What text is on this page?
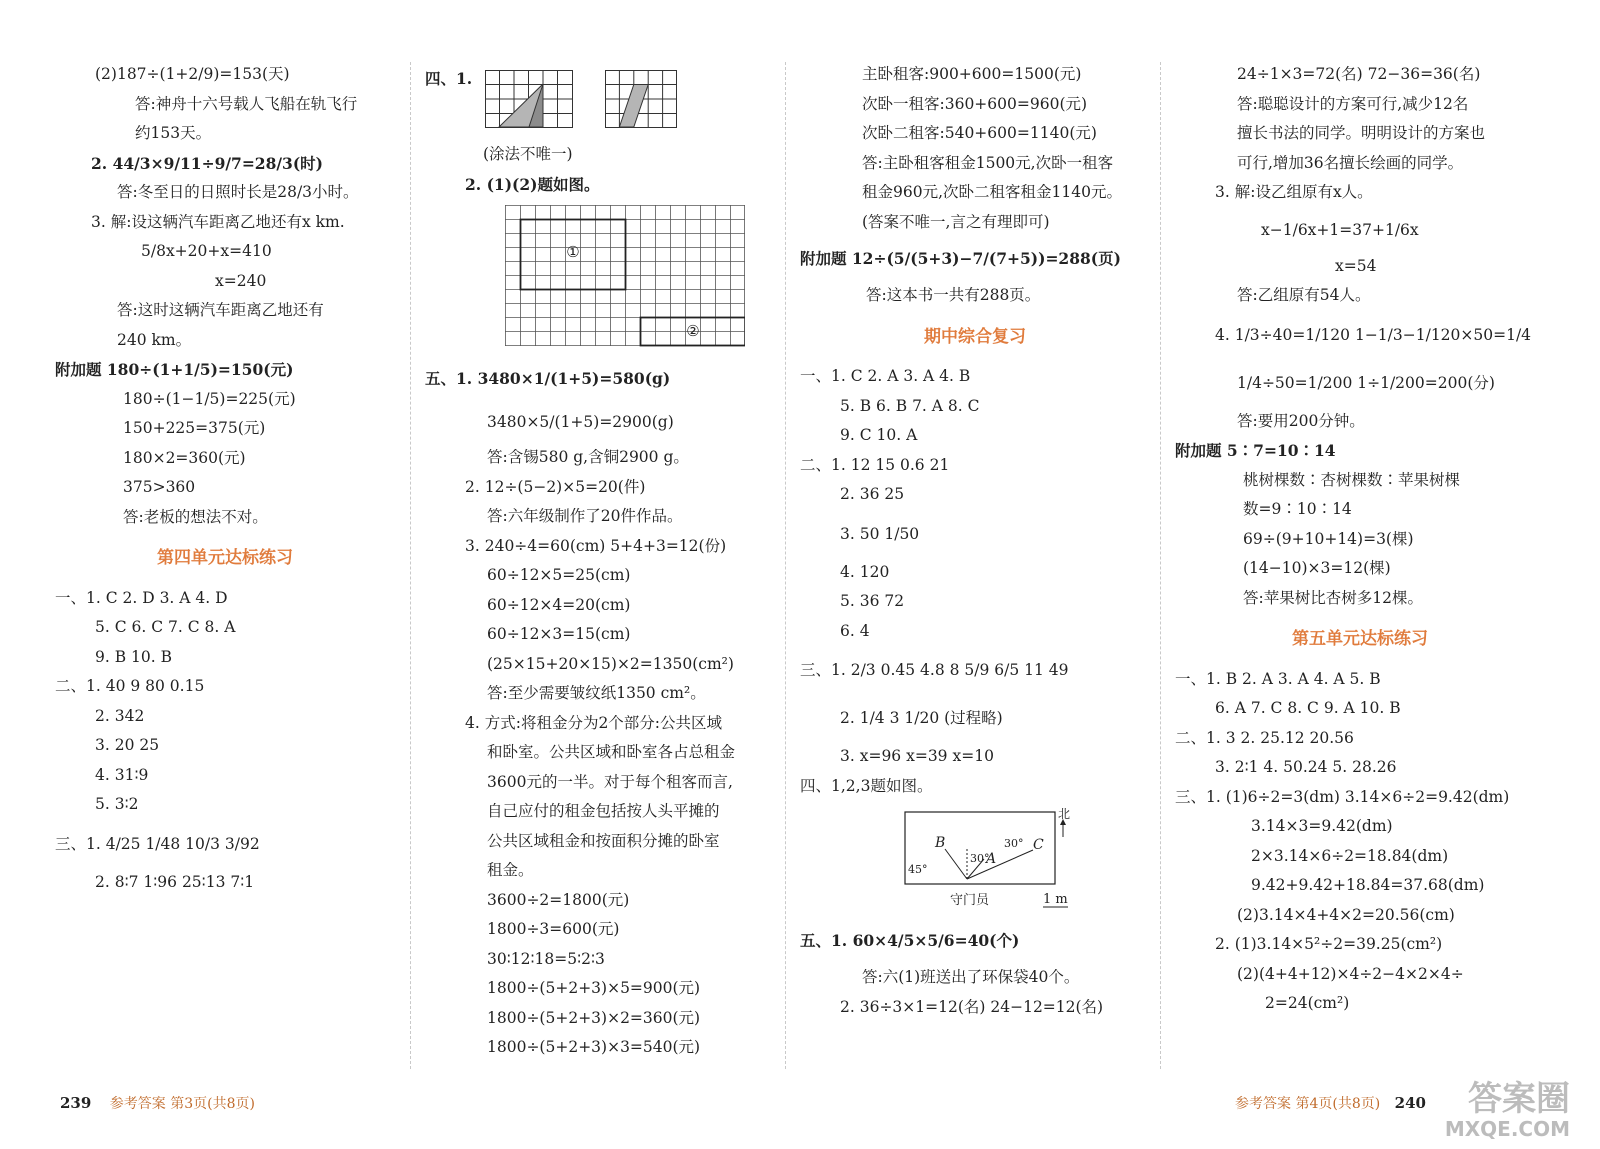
(2)187÷(1+2/9)=153(天)
答:神舟十六号载人飞船在轨飞行
约153天。
2. 44/3×9/11÷9/7=28/3(时)
答:冬至日的日照时长是28/3小时。
3. 解:设这辆汽车距离乙地还有x km.
5/8x+20+x=410
x=240
答:这时这辆汽车距离乙地还有
240 km。
附加题 180÷(1+1/5)=150(元)
180÷(1−1/5)=225(元)
150+225=375(元)
180×2=360(元)
375>360
答:老板的想法不对。
第四单元达标练习
一、1. C 2. D 3. A 4. D
5. C 6. C 7. C 8. A
9. B 10. B
二、1. 40 9 80 0.15
2. 342
3. 20 25
4. 31∶9
5. 3∶2
三、1. 4/25 1/48 10/3 3/92
2. 8∶7 1∶96 25∶13 7∶1
四、1.
(涂法不唯一)
2. (1)(2)题如图。
①
②
五、1. 3480×1/(1+5)=580(g)
3480×5/(1+5)=2900(g)
答:含锡580 g,含铜2900 g。
2. 12÷(5−2)×5=20(件)
答:六年级制作了20件作品。
3. 240÷4=60(cm) 5+4+3=12(份)
60÷12×5=25(cm)
60÷12×4=20(cm)
60÷12×3=15(cm)
(25×15+20×15)×2=1350(cm²)
答:至少需要皱纹纸1350 cm²。
4. 方式:将租金分为2个部分:公共区域
和卧室。公共区域和卧室各占总租金
3600元的一半。对于每个租客而言,
自己应付的租金包括按人头平摊的
公共区域租金和按面积分摊的卧室
租金。
3600÷2=1800(元)
1800÷3=600(元)
30∶12∶18=5∶2∶3
1800÷(5+2+3)×5=900(元)
1800÷(5+2+3)×2=360(元)
1800÷(5+2+3)×3=540(元)
主卧租客:900+600=1500(元)
次卧一租客:360+600=960(元)
次卧二租客:540+600=1140(元)
答:主卧租客租金1500元,次卧一租客
租金960元,次卧二租客租金1140元。
(答案不唯一,言之有理即可)
附加题 12÷(5/(5+3)−7/(7+5))=288(页)
答:这本书一共有288页。
期中综合复习
一、1. C 2. A 3. A 4. B
5. B 6. B 7. A 8. C
9. C 10. A
二、1. 12 15 0.6 21
2. 36 25
3. 50 1/50
4. 120
5. 36 72
6. 4
三、1. 2/3 0.45 4.8 8 5/9 6/5 11 49
2. 1/4 3 1/20 (过程略)
3. x=96 x=39 x=10
四、1,2,3题如图。
B
A
C
45°
30°
30°
守门员
北
1 m
五、1. 60×4/5×5/6=40(个)
答:六(1)班送出了环保袋40个。
2. 36÷3×1=12(名) 24−12=12(名)
24÷1×3=72(名) 72−36=36(名)
答:聪聪设计的方案可行,减少12名
擅长书法的同学。明明设计的方案也
可行,增加36名擅长绘画的同学。
3. 解:设乙组原有x人。
x−1/6x+1=37+1/6x
x=54
答:乙组原有54人。
4. 1/3÷40=1/120 1−1/3−1/120×50=1/4
1/4÷50=1/200 1÷1/200=200(分)
答:要用200分钟。
附加题 5∶7=10∶14
桃树棵数∶杏树棵数∶苹果树棵
数=9∶10∶14
69÷(9+10+14)=3(棵)
(14−10)×3=12(棵)
答:苹果树比杏树多12棵。
第五单元达标练习
一、1. B 2. A 3. A 4. A 5. B
6. A 7. C 8. C 9. A 10. B
二、1. 3 2. 25.12 20.56
3. 2∶1 4. 50.24 5. 28.26
三、1. (1)6÷2=3(dm) 3.14×6÷2=9.42(dm)
3.14×3=9.42(dm)
2×3.14×6÷2=18.84(dm)
9.42+9.42+18.84=37.68(dm)
(2)3.14×4+4×2=20.56(cm)
2. (1)3.14×5²÷2=39.25(cm²)
(2)(4+4+12)×4÷2−4×2×4÷
2=24(cm²)
239 参考答案 第3页(共8页)	参考答案 第4页(共8页) 240	答案圈
MXQE.COM
